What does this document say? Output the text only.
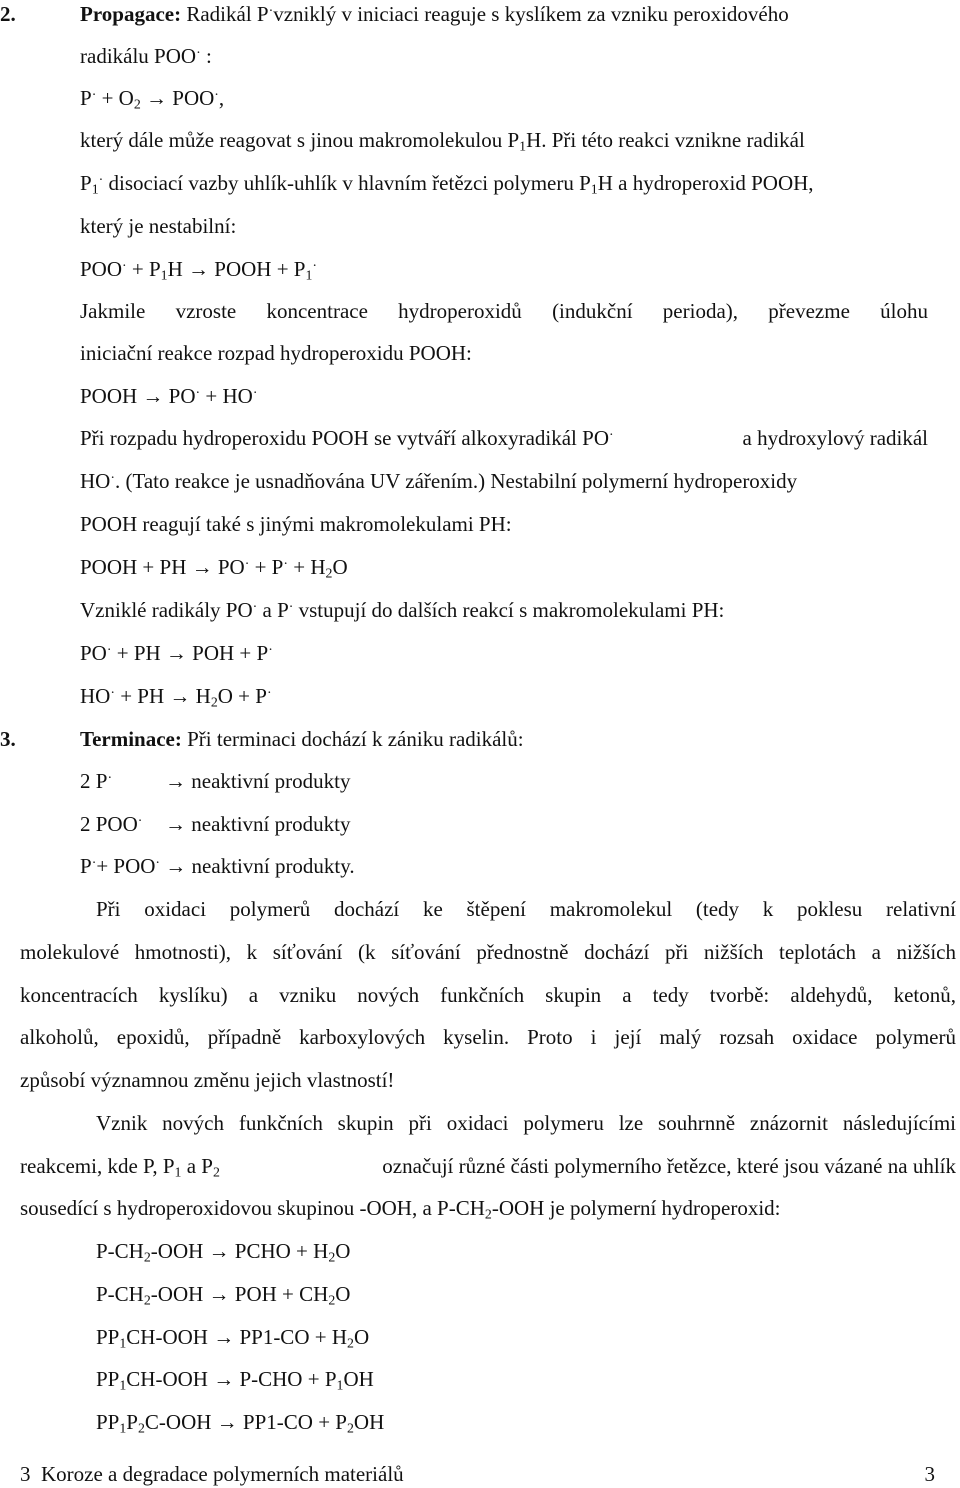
2.	Propagace: Radikál P·vzniklý v iniciaci reaguje s kyslíkem za vzniku peroxidového
radikálu POO· :
$P^\cdot + O_2 \to POO^\cdot$,
který dále může reagovat s jinou makromolekulou $P_1H$. Při této reakci vznikne radikál
$P_1^\cdot$ disociací vazby uhlík-uhlík v hlavním řetězci polymeru $P_1H$ a hydroperoxid POOH,
který je nestabilní:
$POO^\cdot + P_1H$ → POOH + $P_1^\cdot$
Jakmile vzroste koncentrace hydroperoxidů (indukční perioda), převezme úlohu
iniciační reakce rozpad hydroperoxidu POOH:
POOH → PO· + HO·
Při rozpadu hydroperoxidu POOH se vytváří alkoxyradikál PO·	a hydroxylový radikál
HO·. (Tato reakce je usnadňována UV zářením.) Nestabilní polymerní hydroperoxidy
POOH reagují také s jinými makromolekulami PH:
POOH + PH → $PO^\cdot + P^\cdot + H_2O$
Vzniklé radikály PO· a P· vstupují do dalších reakcí s makromolekulami PH:
PO· + PH → POH + P·
HO· + PH → $H_2O + P^\cdot$
3.	Terminace: Při terminaci dochází k zániku radikálů:
2 P·	→ neaktivní produkty
2 POO· → neaktivní produkty
P·+ POO· → neaktivní produkty.
Při oxidaci polymerů dochází ke štěpení makromolekul (tedy k poklesu relativní
molekulové hmotnosti), k síťování (k síťování přednostně dochází při nižších teplotách a nižších
koncentracích kyslíku) a vzniku nových funkčních skupin a tedy tvorbě: aldehydů, ketonů,
alkoholů, epoxidů, případně karboxylových kyselin. Proto i její malý rozsah oxidace polymerů
způsobí významnou změnu jejich vlastností!
Vznik nových funkčních skupin při oxidaci polymeru lze souhrnně znázornit následujícími
reakcemi, kde P, $P_1$ a $P_2$	označují různé části polymerního řetězce, které jsou vázané na uhlík
sousedící s hydroperoxidovou skupinou -OOH, a $P-CH_2$-OOH je polymerní hydroperoxid:
$P-CH_2$-OOH → PCHO + $H_2O$
$P-CH_2$-OOH → POH + $CH_2O$
$PP_1CH$-OOH → $PP1-CO + H_2O$
$PP_1CH$-OOH → $P-CHO + P_1OH$
$PP_1P_2C$-OOH → $PP1-CO + P_2OH$
3  Koroze a degradace polymerních materiálů	3
